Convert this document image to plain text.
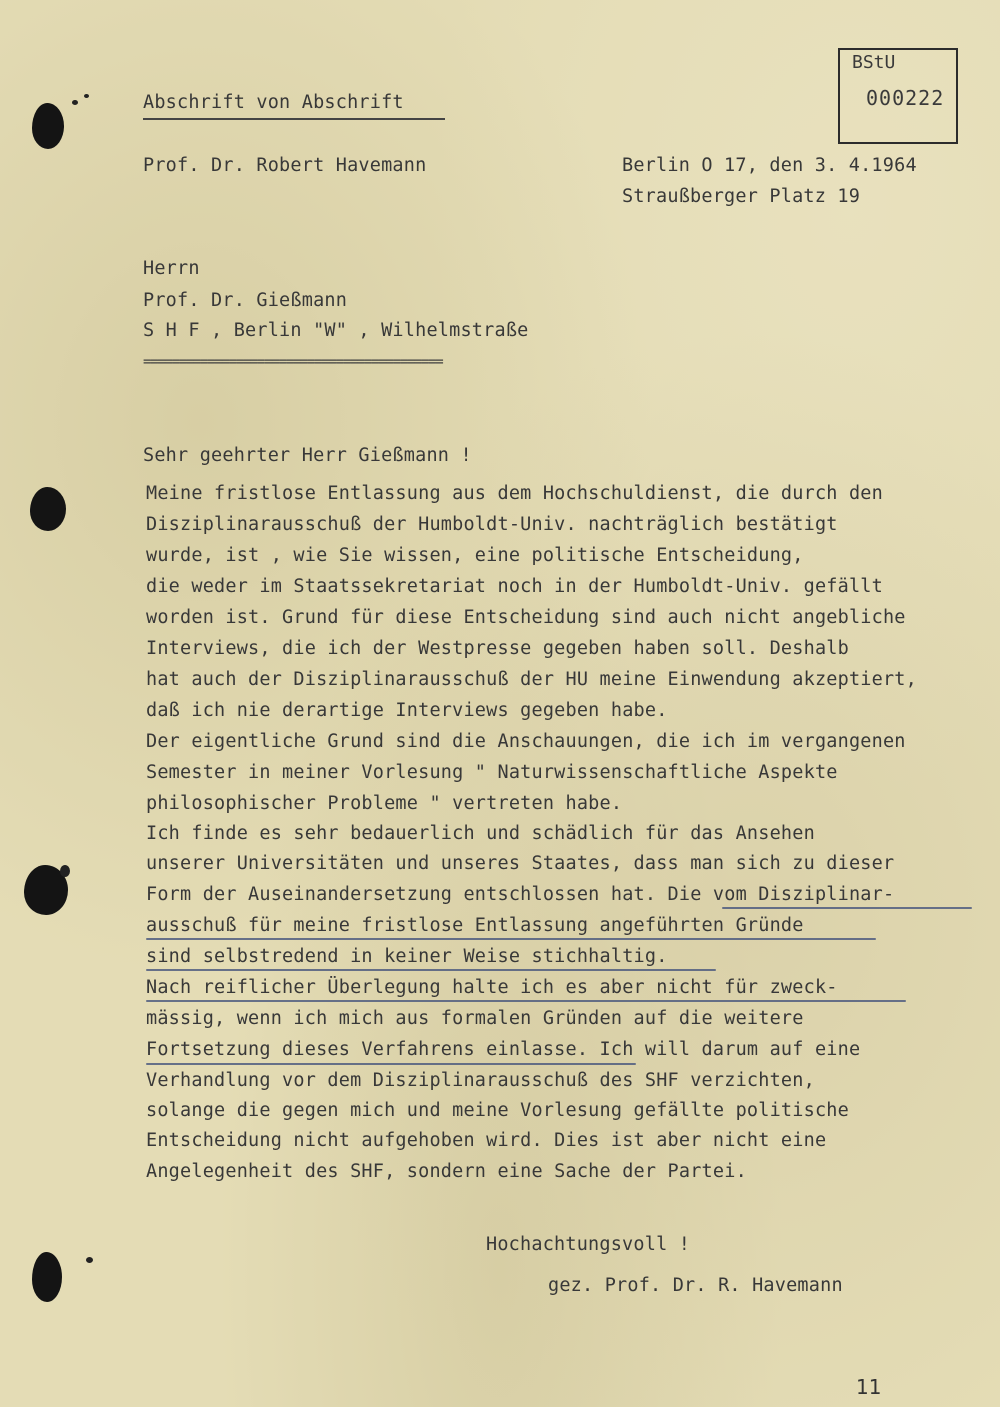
BStU
000222
Abschrift von Abschrift
Prof. Dr. Robert Havemann	Berlin O 17, den 3. 4.1964
Straußberger Platz 19
Herrn
Prof. Dr. Gießmann
S H F , Berlin "W" , Wilhelmstraße
==========================================
Sehr geehrter Herr Gießmann !
Meine fristlose Entlassung aus dem Hochschuldienst, die durch den
Disziplinarausschuß der Humboldt-Univ. nachträglich bestätigt
wurde, ist , wie Sie wissen, eine politische Entscheidung,
die weder im Staatssekretariat noch in der Humboldt-Univ. gefällt
worden ist. Grund für diese Entscheidung sind auch nicht angebliche
Interviews, die ich der Westpresse gegeben haben soll. Deshalb
hat auch der Disziplinarausschuß der HU meine Einwendung akzeptiert,
daß ich nie derartige Interviews gegeben habe.
Der eigentliche Grund sind die Anschauungen, die ich im vergangenen
Semester in meiner Vorlesung " Naturwissenschaftliche Aspekte
philosophischer Probleme " vertreten habe.
Ich finde es sehr bedauerlich und schädlich für das Ansehen
unserer Universitäten und unseres Staates, dass man sich zu dieser
Form der Auseinandersetzung entschlossen hat. Die vom Disziplinar-
ausschuß für meine fristlose Entlassung angeführten Gründe
sind selbstredend in keiner Weise stichhaltig.
Nach reiflicher Überlegung halte ich es aber nicht für zweck-
mässig, wenn ich mich aus formalen Gründen auf die weitere
Fortsetzung dieses Verfahrens einlasse. Ich will darum auf eine
Verhandlung vor dem Disziplinarausschuß des SHF verzichten,
solange die gegen mich und meine Vorlesung gefällte politische
Entscheidung nicht aufgehoben wird. Dies ist aber nicht eine
Angelegenheit des SHF, sondern eine Sache der Partei.
Hochachtungsvoll !
gez. Prof. Dr. R. Havemann
11
